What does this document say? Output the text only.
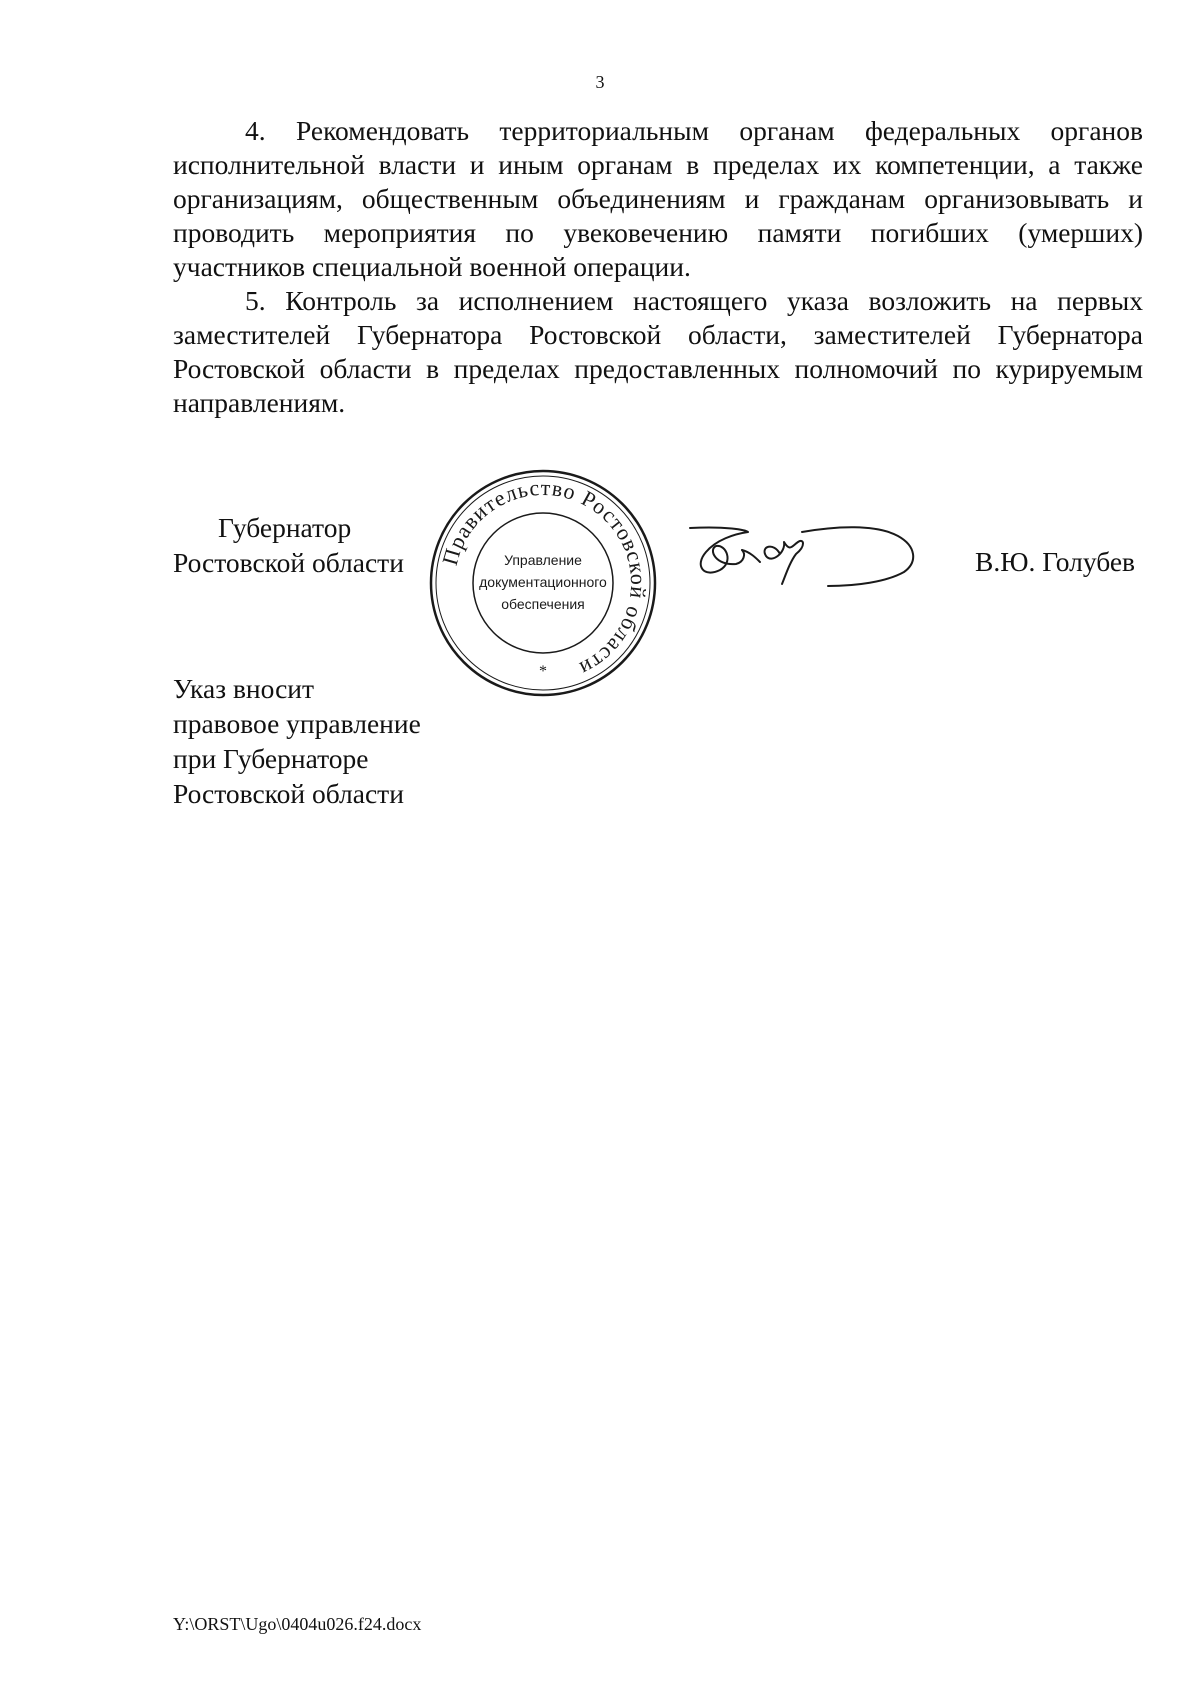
3

4. Рекомендовать территориальным органам федеральных органов исполнительной власти и иным органам в пределах их компетенции, а также организациям, общественным объединениям и гражданам организовывать и проводить мероприятия по увековечению памяти погибших (умерших) участников специальной военной операции.

5. Контроль за исполнением настоящего указа возложить на первых заместителей Губернатора Ростовской области, заместителей Губернатора Ростовской области в пределах предоставленных полномочий по курируемым направлениям.

Губернатор
Ростовской области Правительство Ростовской области
Управление
документационного
обеспечения
*
В.Ю. Голубев
Указ вносит
правовое управление
при Губернаторе
Ростовской области
Y:\ORST\Ugo\0404u026.f24.docx
